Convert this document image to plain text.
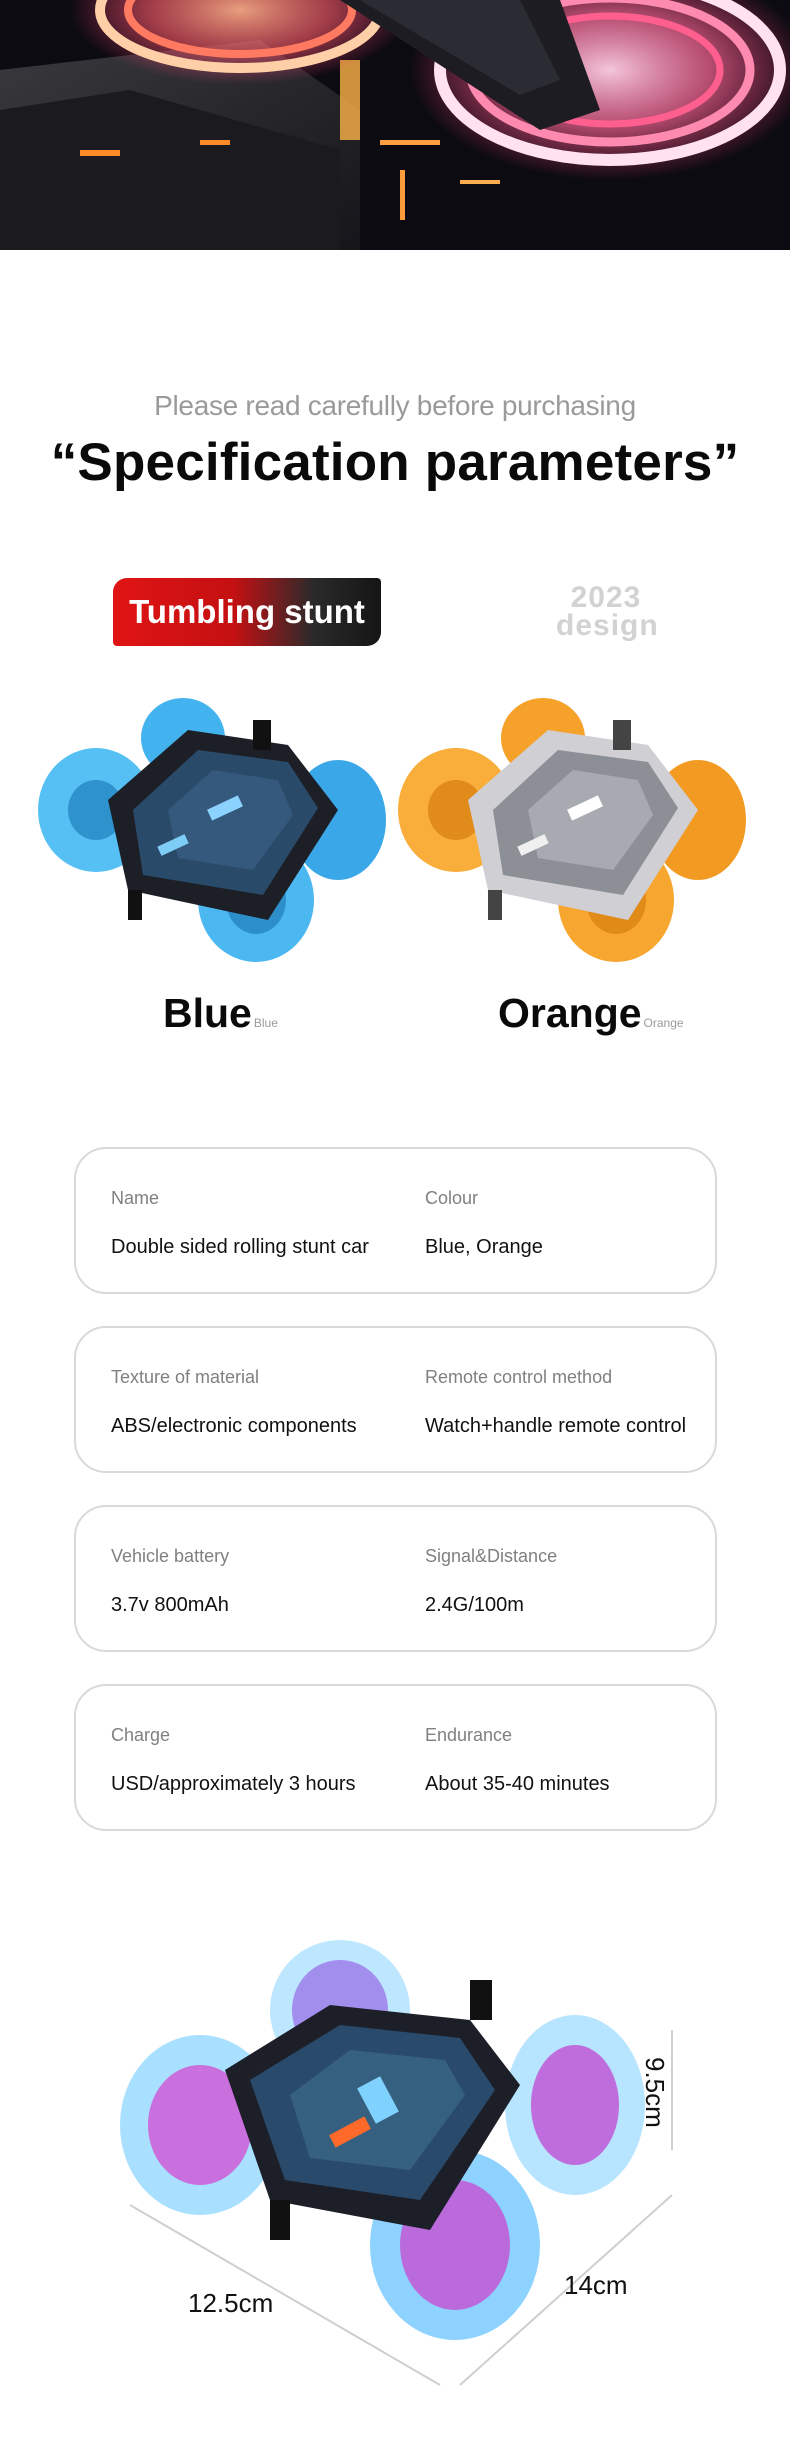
Please read carefully before purchasing
“Specification parameters”
Tumbling stunt	2023
design
Blue Blue	Orange Orange
Name
Double sided rolling stunt car
Colour
Blue, Orange
Texture of material
ABS/electronic components
Remote control method
Watch+handle remote control
Vehicle battery
3.7v 800mAh
Signal&Distance
2.4G/100m
Charge
USD/approximately 3 hours
Endurance
About 35-40 minutes
9.5cm
12.5cm
14cm
